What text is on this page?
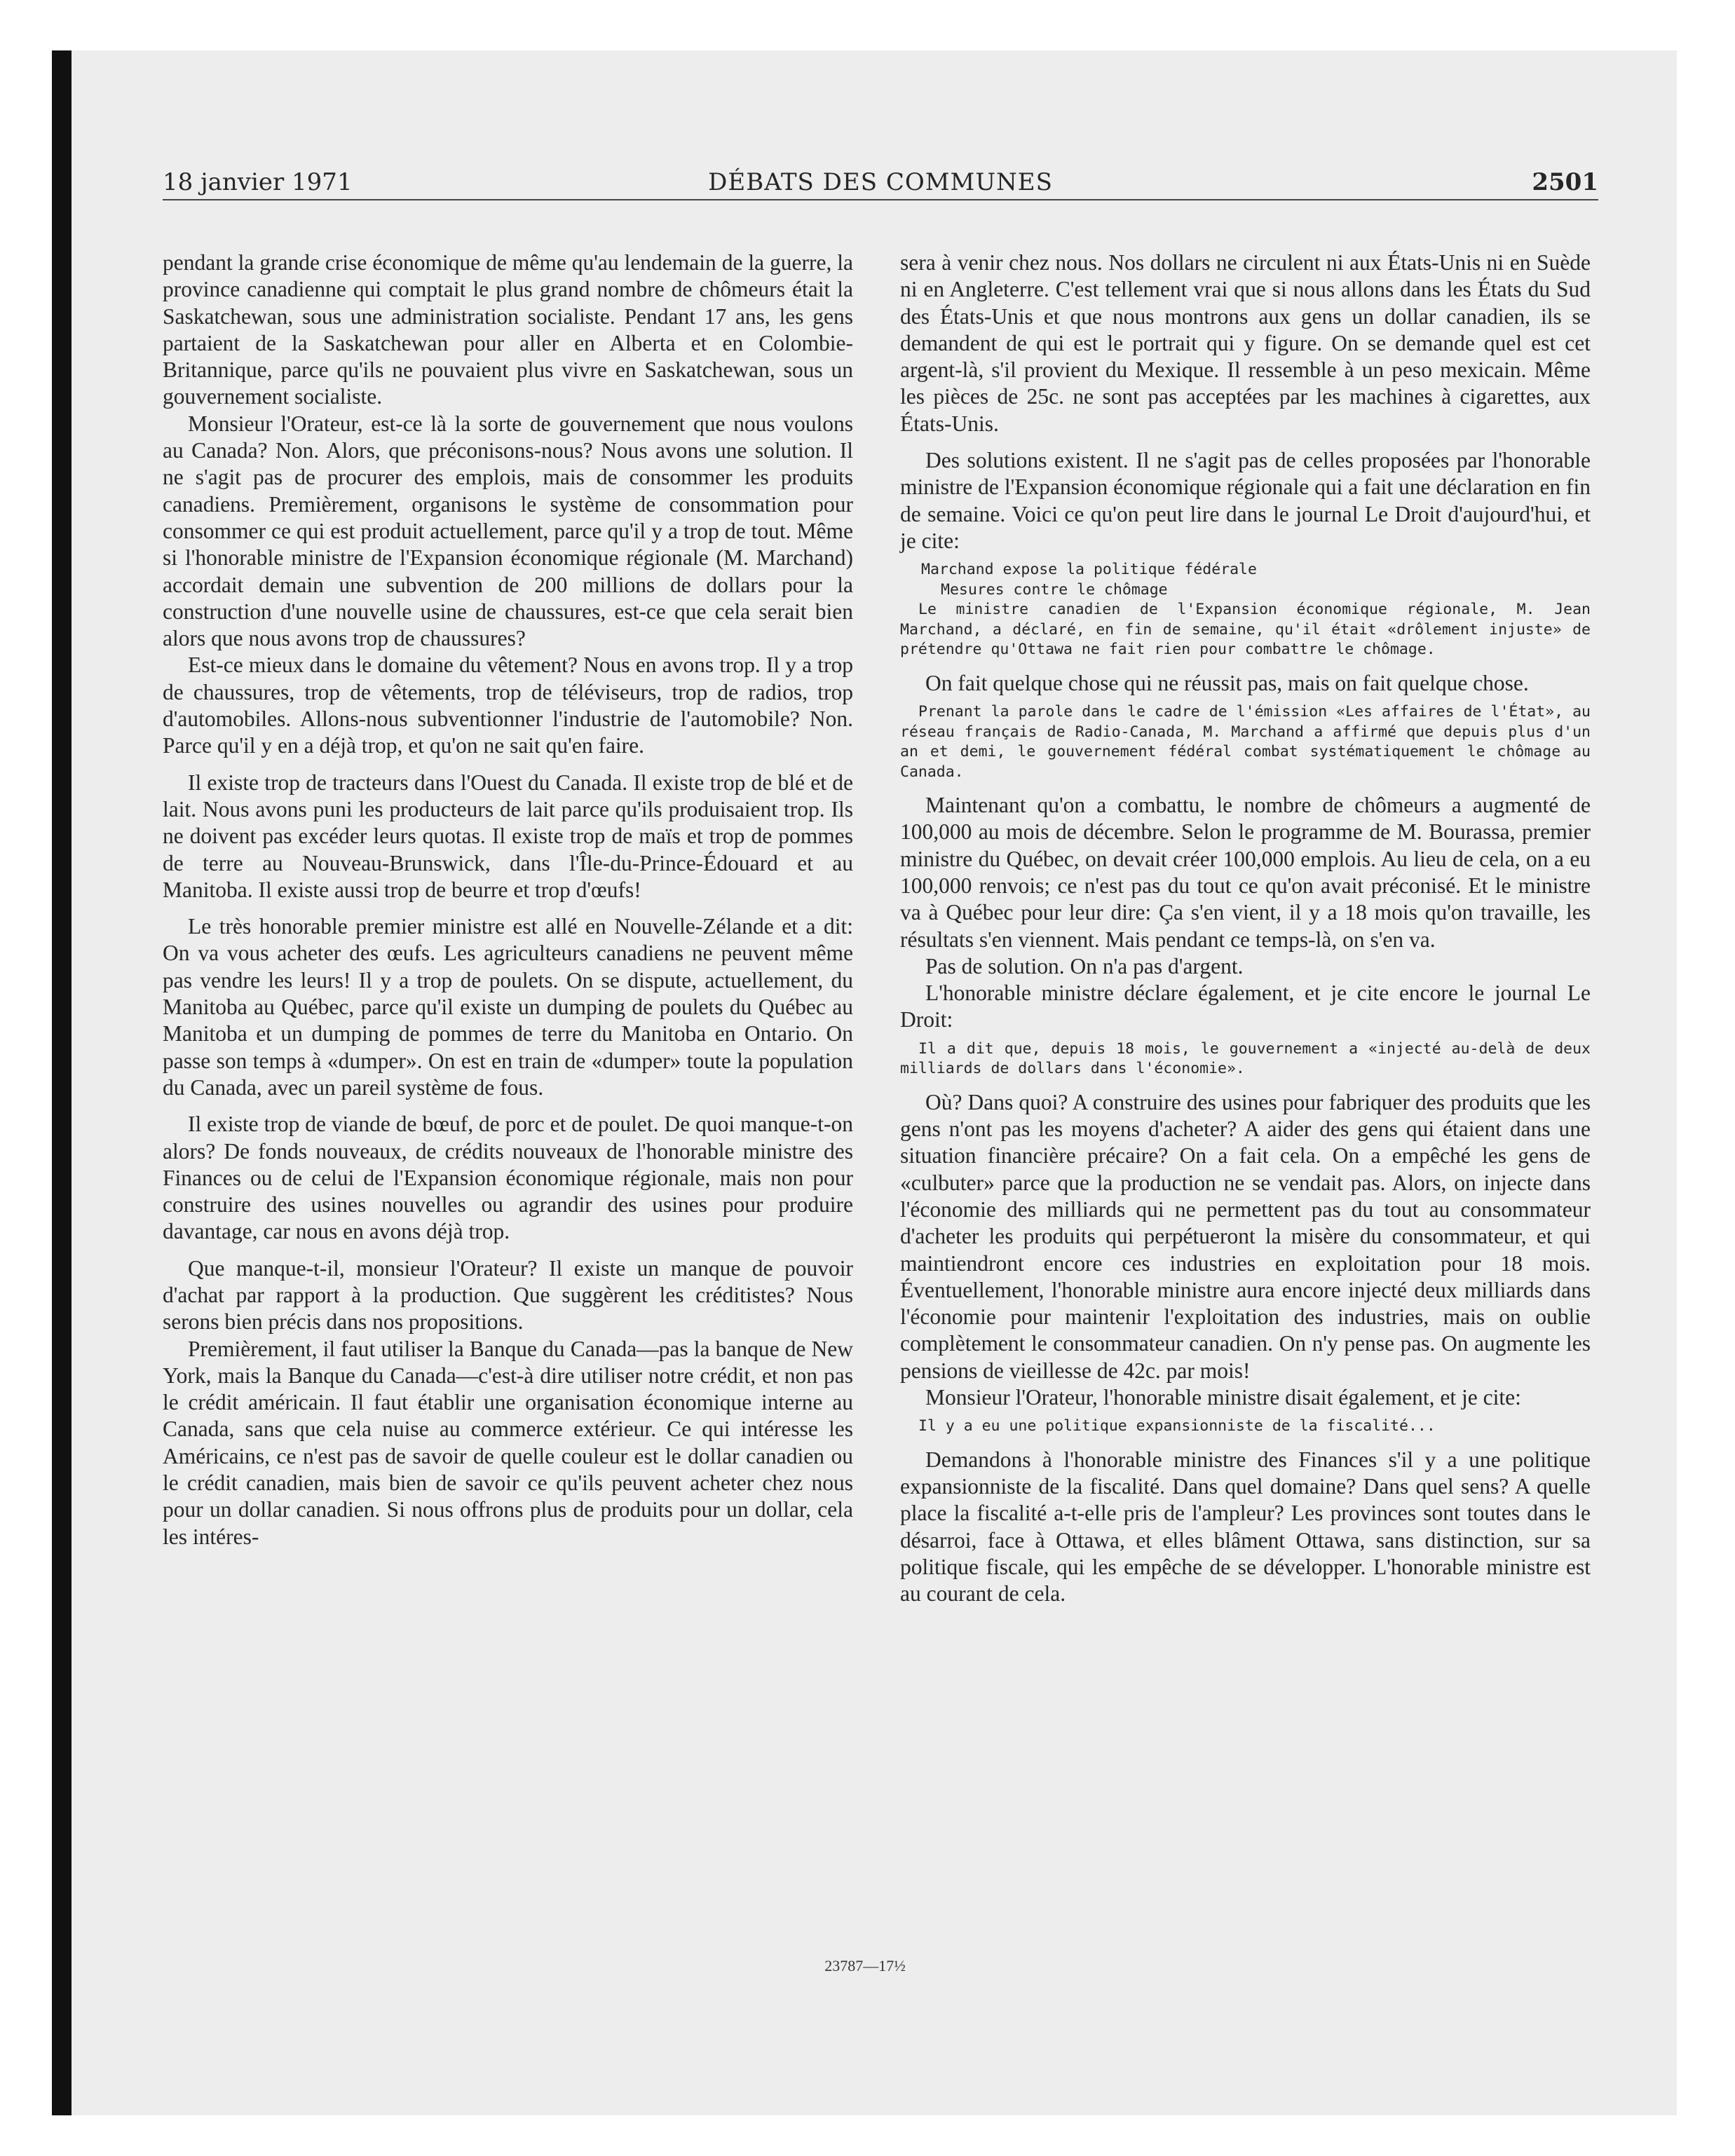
18 janvier 1971	DÉBATS DES COMMUNES	2501

pendant la grande crise économique de même qu'au lendemain de la guerre, la province canadienne qui comptait le plus grand nombre de chômeurs était la Saskatchewan, sous une administration socialiste. Pendant 17 ans, les gens partaient de la Saskatchewan pour aller en Alberta et en Colombie-Britannique, parce qu'ils ne pouvaient plus vivre en Saskatchewan, sous un gouvernement socialiste.

Monsieur l'Orateur, est-ce là la sorte de gouvernement que nous voulons au Canada? Non. Alors, que préconisons-nous? Nous avons une solution. Il ne s'agit pas de procurer des emplois, mais de consommer les produits canadiens. Premièrement, organisons le système de consommation pour consommer ce qui est produit actuellement, parce qu'il y a trop de tout. Même si l'honorable ministre de l'Expansion économique régionale (M. Marchand) accordait demain une subvention de 200 millions de dollars pour la construction d'une nouvelle usine de chaussures, est-ce que cela serait bien alors que nous avons trop de chaussures?

Est-ce mieux dans le domaine du vêtement? Nous en avons trop. Il y a trop de chaussures, trop de vêtements, trop de téléviseurs, trop de radios, trop d'automobiles. Allons-nous subventionner l'industrie de l'automobile? Non. Parce qu'il y en a déjà trop, et qu'on ne sait qu'en faire.

Il existe trop de tracteurs dans l'Ouest du Canada. Il existe trop de blé et de lait. Nous avons puni les producteurs de lait parce qu'ils produisaient trop. Ils ne doivent pas excéder leurs quotas. Il existe trop de maïs et trop de pommes de terre au Nouveau-Brunswick, dans l'Île-du-Prince-Édouard et au Manitoba. Il existe aussi trop de beurre et trop d'œufs!

Le très honorable premier ministre est allé en Nouvelle-Zélande et a dit: On va vous acheter des œufs. Les agriculteurs canadiens ne peuvent même pas vendre les leurs! Il y a trop de poulets. On se dispute, actuellement, du Manitoba au Québec, parce qu'il existe un dumping de poulets du Québec au Manitoba et un dumping de pommes de terre du Manitoba en Ontario. On passe son temps à «dumper». On est en train de «dumper» toute la population du Canada, avec un pareil système de fous.

Il existe trop de viande de bœuf, de porc et de poulet. De quoi manque-t-on alors? De fonds nouveaux, de crédits nouveaux de l'honorable ministre des Finances ou de celui de l'Expansion économique régionale, mais non pour construire des usines nouvelles ou agrandir des usines pour produire davantage, car nous en avons déjà trop.

Que manque-t-il, monsieur l'Orateur? Il existe un manque de pouvoir d'achat par rapport à la production. Que suggèrent les créditistes? Nous serons bien précis dans nos propositions.

Premièrement, il faut utiliser la Banque du Canada—pas la banque de New York, mais la Banque du Canada—c'est-à dire utiliser notre crédit, et non pas le crédit américain. Il faut établir une organisation économique interne au Canada, sans que cela nuise au commerce extérieur. Ce qui intéresse les Américains, ce n'est pas de savoir de quelle couleur est le dollar canadien ou le crédit canadien, mais bien de savoir ce qu'ils peuvent acheter chez nous pour un dollar canadien. Si nous offrons plus de produits pour un dollar, cela les intéres-

sera à venir chez nous. Nos dollars ne circulent ni aux États-Unis ni en Suède ni en Angleterre. C'est tellement vrai que si nous allons dans les États du Sud des États-Unis et que nous montrons aux gens un dollar canadien, ils se demandent de qui est le portrait qui y figure. On se demande quel est cet argent-là, s'il provient du Mexique. Il ressemble à un peso mexicain. Même les pièces de 25c. ne sont pas acceptées par les machines à cigarettes, aux États-Unis.

Des solutions existent. Il ne s'agit pas de celles proposées par l'honorable ministre de l'Expansion économique régionale qui a fait une déclaration en fin de semaine. Voici ce qu'on peut lire dans le journal Le Droit d'aujourd'hui, et je cite:

Marchand expose la politique fédérale

Mesures contre le chômage

Le ministre canadien de l'Expansion économique régionale, M. Jean Marchand, a déclaré, en fin de semaine, qu'il était «drôlement injuste» de prétendre qu'Ottawa ne fait rien pour combattre le chômage.

On fait quelque chose qui ne réussit pas, mais on fait quelque chose.

Prenant la parole dans le cadre de l'émission «Les affaires de l'État», au réseau français de Radio-Canada, M. Marchand a affirmé que depuis plus d'un an et demi, le gouvernement fédéral combat systématiquement le chômage au Canada.

Maintenant qu'on a combattu, le nombre de chômeurs a augmenté de 100,000 au mois de décembre. Selon le programme de M. Bourassa, premier ministre du Québec, on devait créer 100,000 emplois. Au lieu de cela, on a eu 100,000 renvois; ce n'est pas du tout ce qu'on avait préconisé. Et le ministre va à Québec pour leur dire: Ça s'en vient, il y a 18 mois qu'on travaille, les résultats s'en viennent. Mais pendant ce temps-là, on s'en va.

Pas de solution. On n'a pas d'argent.

L'honorable ministre déclare également, et je cite encore le journal Le Droit:

Il a dit que, depuis 18 mois, le gouvernement a «injecté au-delà de deux milliards de dollars dans l'économie».

Où? Dans quoi? A construire des usines pour fabriquer des produits que les gens n'ont pas les moyens d'acheter? A aider des gens qui étaient dans une situation financière précaire? On a fait cela. On a empêché les gens de «culbuter» parce que la production ne se vendait pas. Alors, on injecte dans l'économie des milliards qui ne permettent pas du tout au consommateur d'acheter les produits qui perpétueront la misère du consommateur, et qui maintiendront encore ces industries en exploitation pour 18 mois. Éventuellement, l'honorable ministre aura encore injecté deux milliards dans l'économie pour maintenir l'exploitation des industries, mais on oublie complètement le consommateur canadien. On n'y pense pas. On augmente les pensions de vieillesse de 42c. par mois!

Monsieur l'Orateur, l'honorable ministre disait également, et je cite:

Il y a eu une politique expansionniste de la fiscalité...

Demandons à l'honorable ministre des Finances s'il y a une politique expansionniste de la fiscalité. Dans quel domaine? Dans quel sens? A quelle place la fiscalité a-t-elle pris de l'ampleur? Les provinces sont toutes dans le désarroi, face à Ottawa, et elles blâment Ottawa, sans distinction, sur sa politique fiscale, qui les empêche de se développer. L'honorable ministre est au courant de cela.

23787—17½
